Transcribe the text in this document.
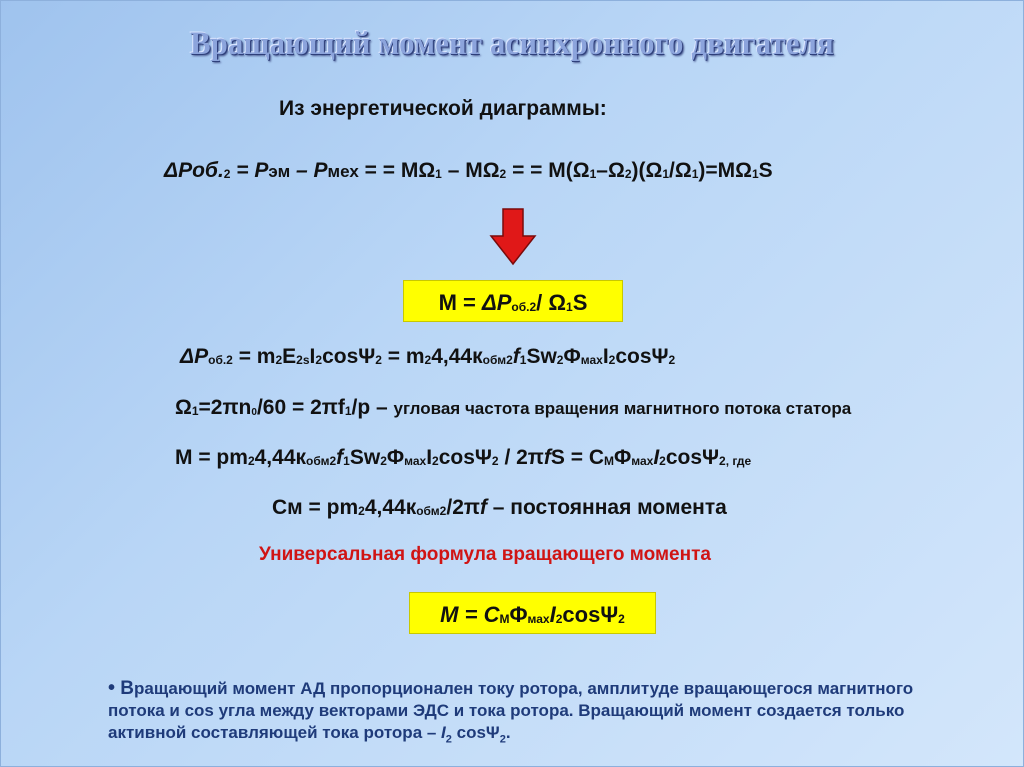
Вращающий момент асинхронного двигателя
Из энергетической диаграммы:
$\Delta Pоб._2$ = Pэм – Pмех = = $M\Omega_1 - M\Omega_2$ = = $M(\Omega_1-\Omega_2)(\Omega_1/\Omega_1)=M\Omega_1S$
$M = \Delta P_{об.2}/$ $\Omega_1S$
$\Delta P_{об.2} = m_2E_{2s}I_2\cos\Psi_2 = m_24,44к_{обм2}f_1Sw_2\Phi_{мах}I_2\cos\Psi_2$
$\Omega_1=2\pi n_0/60 = 2\pi f_1/p$ – угловая частота вращения магнитного потока статора
$M = pm_24,44к_{обм2}f_1Sw_2\Phi_{мах}I_2\cos\Psi_2 / 2\pi fS = C_М\Phi_{мах}I_2\cos\Psi_{2, где}$
См = $pm_24,44к_{обм2}/2\pi f$ – постоянная момента
Универсальная формула вращающего момента
$M = C_М\Phi_{мах}I_2\cos\Psi_2$
• Вращающий момент АД пропорционален току ротора, амплитуде вращающегося магнитного потока и cos угла между векторами ЭДС и тока ротора. Вращающий момент создается только активной составляющей тока ротора – $I_2$ cosΨ$_2$.
